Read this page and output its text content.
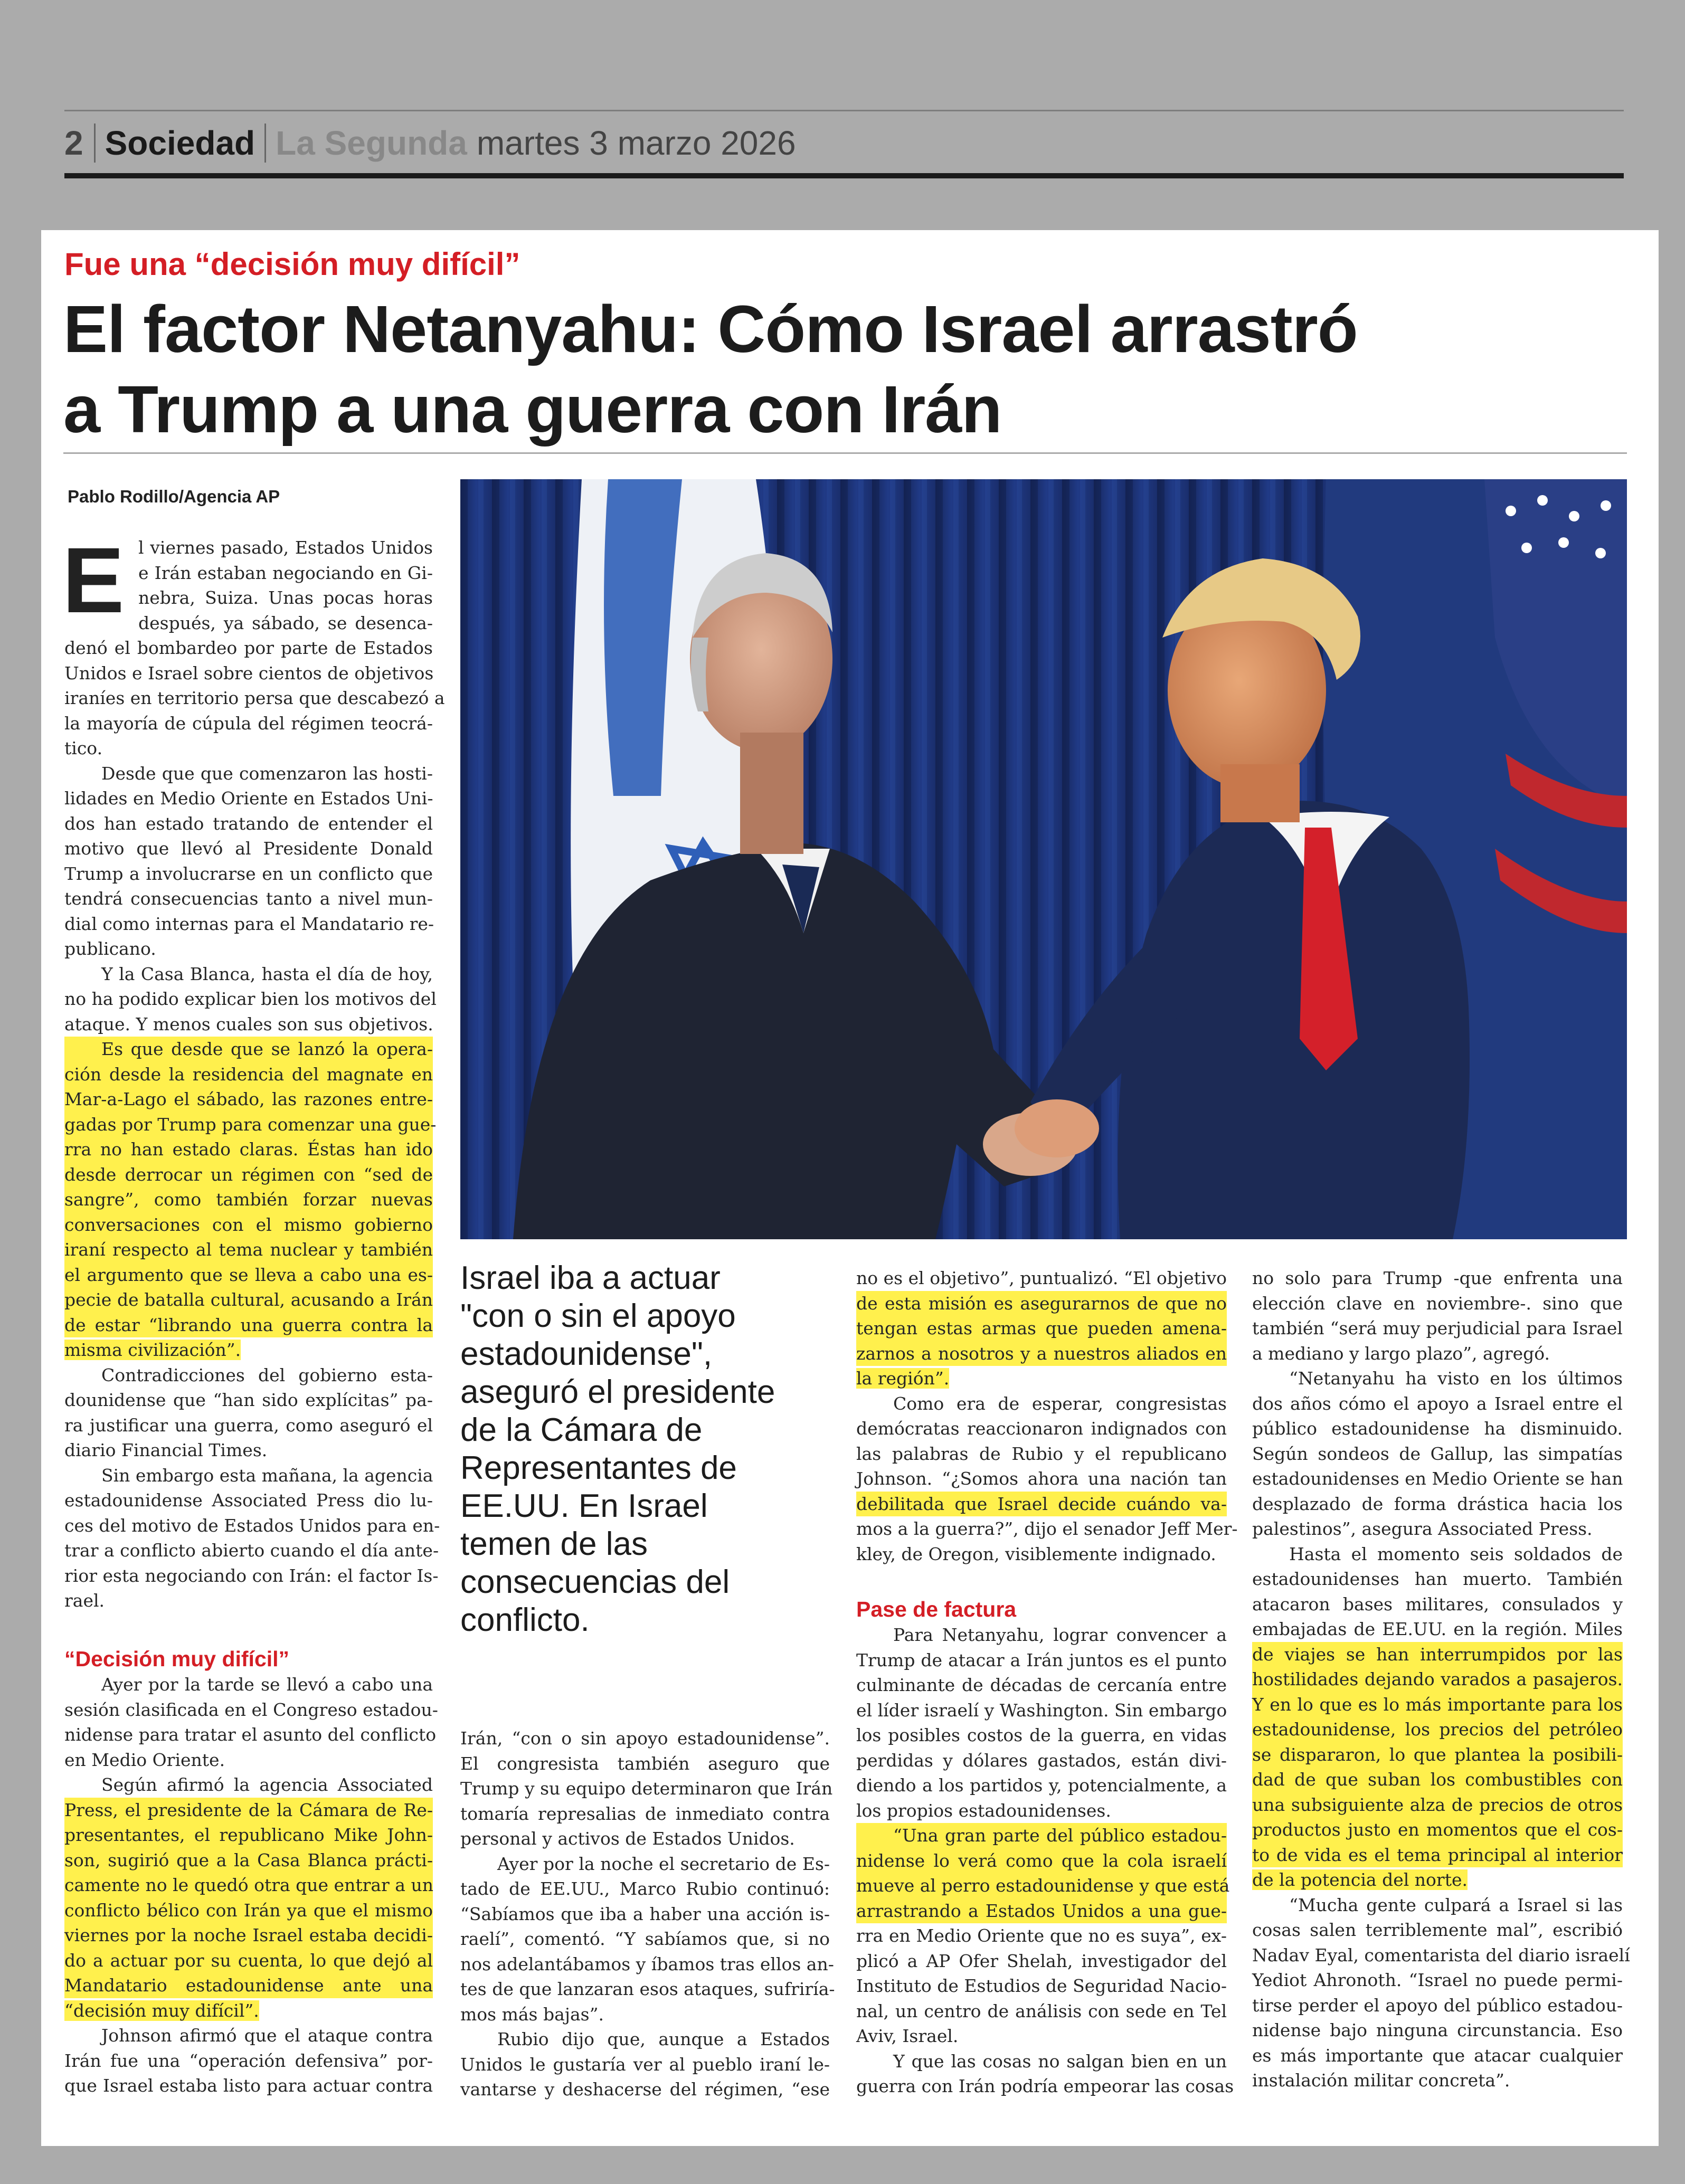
2 Sociedad La Segunda martes 3 marzo 2026
Fue una “decisión muy difícil”
El factor Netanyahu: Cómo Israel arrastró
a Trump a una guerra con Irán
Pablo Rodillo/Agencia AP
E l viernes pasado, Estados Unidos
e Irán estaban negociando en Gi-
nebra, Suiza. Unas pocas horas
después, ya sábado, se desenca-
denó el bombardeo por parte de Estados
Unidos e Israel sobre cientos de objetivos
iraníes en territorio persa que descabezó a
la mayoría de cúpula del régimen teocrá-
tico.
Desde que que comenzaron las hosti-
lidades en Medio Oriente en Estados Uni-
dos han estado tratando de entender el
motivo que llevó al Presidente Donald
Trump a involucrarse en un conflicto que
tendrá consecuencias tanto a nivel mun-
dial como internas para el Mandatario re-
publicano.
Y la Casa Blanca, hasta el día de hoy,
no ha podido explicar bien los motivos del
ataque. Y menos cuales son sus objetivos.
Es que desde que se lanzó la opera-
ción desde la residencia del magnate en
Mar-a-Lago el sábado, las razones entre-
gadas por Trump para comenzar una gue-
rra no han estado claras. Éstas han ido
desde derrocar un régimen con “sed de
sangre”, como también forzar nuevas
conversaciones con el mismo gobierno
iraní respecto al tema nuclear y también
el argumento que se lleva a cabo una es-
pecie de batalla cultural, acusando a Irán
de estar “librando una guerra contra la
misma civilización”.
Contradicciones del gobierno esta-
dounidense que “han sido explícitas” pa-
ra justificar una guerra, como aseguró el
diario Financial Times.
Sin embargo esta mañana, la agencia
estadounidense Associated Press dio lu-
ces del motivo de Estados Unidos para en-
trar a conflicto abierto cuando el día ante-
rior esta negociando con Irán: el factor Is-
rael.
“Decisión muy difícil”
Ayer por la tarde se llevó a cabo una
sesión clasificada en el Congreso estadou-
nidense para tratar el asunto del conflicto
en Medio Oriente.
Según afirmó la agencia Associated
Press, el presidente de la Cámara de Re-
presentantes, el republicano Mike John-
son, sugirió que a la Casa Blanca prácti-
camente no le quedó otra que entrar a un
conflicto bélico con Irán ya que el mismo
viernes por la noche Israel estaba decidi-
do a actuar por su cuenta, lo que dejó al
Mandatario estadounidense ante una
“decisión muy difícil”.
Johnson afirmó que el ataque contra
Irán fue una “operación defensiva” por-
que Israel estaba listo para actuar contra
Israel iba a actuar
"con o sin el apoyo
estadounidense",
aseguró el presidente
de la Cámara de
Representantes de
EE.UU. En Israel
temen de las
consecuencias del
conflicto.
Irán, “con o sin apoyo estadounidense”.
El congresista también aseguro que
Trump y su equipo determinaron que Irán
tomaría represalias de inmediato contra
personal y activos de Estados Unidos.
Ayer por la noche el secretario de Es-
tado de EE.UU., Marco Rubio continuó:
“Sabíamos que iba a haber una acción is-
raelí”, comentó. “Y sabíamos que, si no
nos adelantábamos y íbamos tras ellos an-
tes de que lanzaran esos ataques, sufriría-
mos más bajas”.
Rubio dijo que, aunque a Estados
Unidos le gustaría ver al pueblo iraní le-
vantarse y deshacerse del régimen, “ese
no es el objetivo”, puntualizó. “El objetivo
de esta misión es asegurarnos de que no
tengan estas armas que pueden amena-
zarnos a nosotros y a nuestros aliados en
la región”.
Como era de esperar, congresistas
demócratas reaccionaron indignados con
las palabras de Rubio y el republicano
Johnson. “¿Somos ahora una nación tan
debilitada que Israel decide cuándo va-
mos a la guerra?”, dijo el senador Jeff Mer-
kley, de Oregon, visiblemente indignado.
Pase de factura
Para Netanyahu, lograr convencer a
Trump de atacar a Irán juntos es el punto
culminante de décadas de cercanía entre
el líder israelí y Washington. Sin embargo
los posibles costos de la guerra, en vidas
perdidas y dólares gastados, están divi-
diendo a los partidos y, potencialmente, a
los propios estadounidenses.
“Una gran parte del público estadou-
nidense lo verá como que la cola israelí
mueve al perro estadounidense y que está
arrastrando a Estados Unidos a una gue-
rra en Medio Oriente que no es suya”, ex-
plicó a AP Ofer Shelah, investigador del
Instituto de Estudios de Seguridad Nacio-
nal, un centro de análisis con sede en Tel
Aviv, Israel.
Y que las cosas no salgan bien en un
guerra con Irán podría empeorar las cosas
no solo para Trump -que enfrenta una
elección clave en noviembre-. sino que
también “será muy perjudicial para Israel
a mediano y largo plazo”, agregó.
“Netanyahu ha visto en los últimos
dos años cómo el apoyo a Israel entre el
público estadounidense ha disminuido.
Según sondeos de Gallup, las simpatías
estadounidenses en Medio Oriente se han
desplazado de forma drástica hacia los
palestinos”, asegura Associated Press.
Hasta el momento seis soldados de
estadounidenses han muerto. También
atacaron bases militares, consulados y
embajadas de EE.UU. en la región. Miles
de viajes se han interrumpidos por las
hostilidades dejando varados a pasajeros.
Y en lo que es lo más importante para los
estadounidense, los precios del petróleo
se dispararon, lo que plantea la posibili-
dad de que suban los combustibles con
una subsiguiente alza de precios de otros
productos justo en momentos que el cos-
to de vida es el tema principal al interior
de la potencia del norte.
“Mucha gente culpará a Israel si las
cosas salen terriblemente mal”, escribió
Nadav Eyal, comentarista del diario israelí
Yediot Ahronoth. “Israel no puede permi-
tirse perder el apoyo del público estadou-
nidense bajo ninguna circunstancia. Eso
es más importante que atacar cualquier
instalación militar concreta”.
